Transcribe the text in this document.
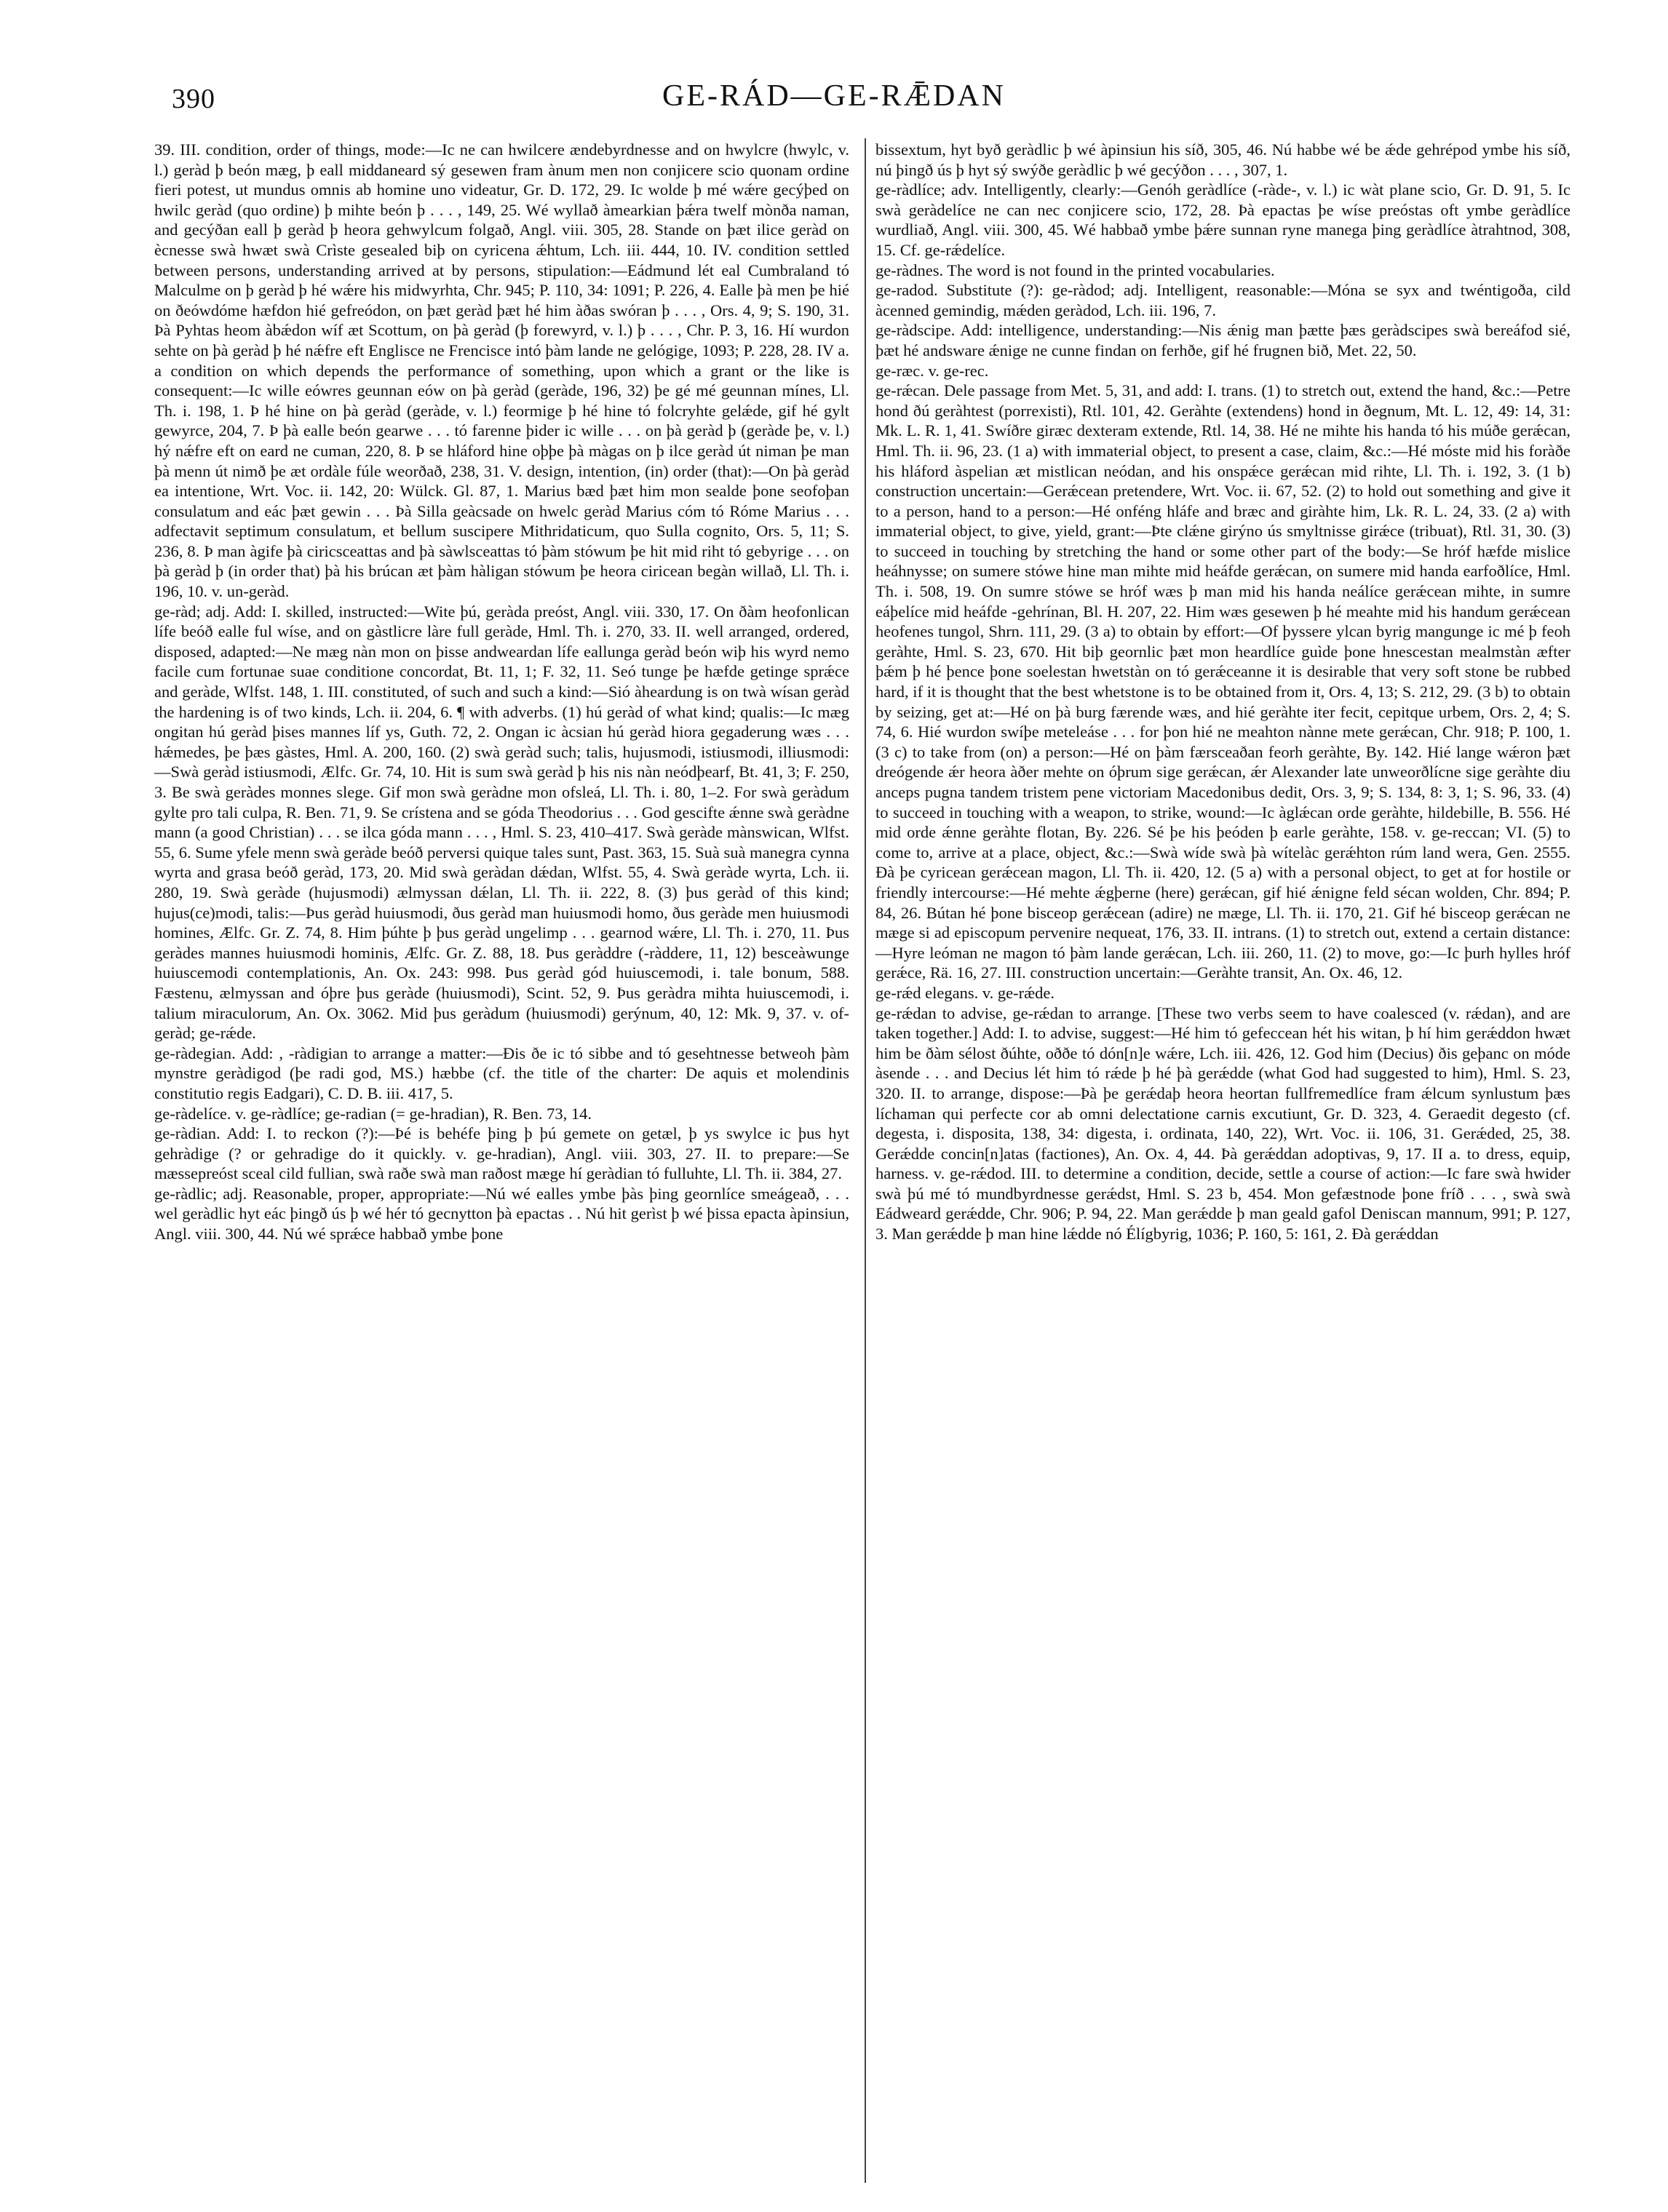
390	GE-RÁD—GE-RǢDAN

39. III. condition, order of things, mode:—Ic ne can hwilcere ændebyrdnesse and on hwylcre (hwylc, v. l.) geràd þ beón mæg, þ eall middaneard sý gesewen fram ànum men non conjicere scio quonam ordine fieri potest, ut mundus omnis ab homine uno videatur, Gr. D. 172, 29. Ic wolde þ mé wǽre gecýþed on hwilc geràd (quo ordine) þ mihte beón þ . . . , 149, 25. Wé wyllað àmearkian þǽra twelf mònða naman, and gecýðan eall þ geràd þ heora gehwylcum folgað, Angl. viii. 305, 28. Stande on þæt ilice geràd on ècnesse swà hwæt swà Crìste gesealed biþ on cyricena ǽhtum, Lch. iii. 444, 10. IV. condition settled between persons, understanding arrived at by persons, stipulation:—Eádmund lét eal Cumbraland tó Malculme on þ geràd þ hé wǽre his midwyrhta, Chr. 945; P. 110, 34: 1091; P. 226, 4. Ealle þà men þe hié on ðeówdóme hæfdon hié gefreódon, on þæt geràd þæt hé him àðas swóran þ . . . , Ors. 4, 9; S. 190, 31. Þà Pyhtas heom àbǽdon wíf æt Scottum, on þà geràd (þ forewyrd, v. l.) þ . . . , Chr. P. 3, 16. Hí wurdon sehte on þà geràd þ hé nǽfre eft Englisce ne Frencisce intó þàm lande ne gelógige, 1093; P. 228, 28. IV a. a condition on which depends the performance of something, upon which a grant or the like is consequent:—Ic wille eówres geunnan eów on þà geràd (geràde, 196, 32) þe gé mé geunnan mínes, Ll. Th. i. 198, 1. Þ hé hine on þà geràd (geràde, v. l.) feormige þ hé hine tó folcryhte gelǽde, gif hé gylt gewyrce, 204, 7. Þ þà ealle beón gearwe . . . tó farenne þider ic wille . . . on þà geràd þ (geràde þe, v. l.) hý nǽfre eft on eard ne cuman, 220, 8. Þ se hláford hine oþþe þà màgas on þ ilce geràd út niman þe man þà menn út nimð þe æt ordàle fúle weorðað, 238, 31. V. design, intention, (in) order (that):—On þà geràd ea intentione, Wrt. Voc. ii. 142, 20: Wülck. Gl. 87, 1. Marius bæd þæt him mon sealde þone seofoþan consulatum and eác þæt gewin . . . Þà Silla geàcsade on hwelc geràd Marius cóm tó Róme Marius . . . adfectavit septimum consulatum, et bellum suscipere Mithridaticum, quo Sulla cognito, Ors. 5, 11; S. 236, 8. Þ man àgife þà ciricsceattas and þà sàwlsceattas tó þàm stówum þe hit mid riht tó gebyrige . . . on þà geràd þ (in order that) þà his brúcan æt þàm hàligan stówum þe heora ciricean begàn willað, Ll. Th. i. 196, 10. v. un-geràd.

ge-ràd; adj. Add: I. skilled, instructed:—Wite þú, geràda preóst, Angl. viii. 330, 17. On ðàm heofonlican lífe beóð ealle ful wíse, and on gàstlicre làre full geràde, Hml. Th. i. 270, 33. II. well arranged, ordered, disposed, adapted:—Ne mæg nàn mon on þisse andweardan lífe eallunga geràd beón wiþ his wyrd nemo facile cum fortunae suae conditione concordat, Bt. 11, 1; F. 32, 11. Seó tunge þe hæfde getinge sprǽce and geràde, Wlfst. 148, 1. III. constituted, of such and such a kind:—Sió àheardung is on twà wísan geràd the hardening is of two kinds, Lch. ii. 204, 6. ¶ with adverbs. (1) hú geràd of what kind; qualis:—Ic mæg ongitan hú geràd þises mannes líf ys, Guth. 72, 2. Ongan ic àcsian hú geràd hiora gegaderung wæs . . . hǽmedes, þe þæs gàstes, Hml. A. 200, 160. (2) swà geràd such; talis, hujusmodi, istiusmodi, illiusmodi:—Swà geràd istiusmodi, Ælfc. Gr. 74, 10. Hit is sum swà geràd þ his nis nàn neódþearf, Bt. 41, 3; F. 250, 3. Be swà geràdes monnes slege. Gif mon swà geràdne mon ofsleá, Ll. Th. i. 80, 1–2. For swà geràdum gylte pro tali culpa, R. Ben. 71, 9. Se crístena and se góda Theodorius . . . God gescifte ǽnne swà geràdne mann (a good Christian) . . . se ilca góda mann . . . , Hml. S. 23, 410–417. Swà geràde mànswican, Wlfst. 55, 6. Sume yfele menn swà geràde beóð perversi quique tales sunt, Past. 363, 15. Suà suà manegra cynna wyrta and grasa beóð geràd, 173, 20. Mid swà geràdan dǽdan, Wlfst. 55, 4. Swà geràde wyrta, Lch. ii. 280, 19. Swà geràde (hujusmodi) ælmyssan dǽlan, Ll. Th. ii. 222, 8. (3) þus geràd of this kind; hujus(ce)modi, talis:—Þus geràd huiusmodi, ðus geràd man huiusmodi homo, ðus geràde men huiusmodi homines, Ælfc. Gr. Z. 74, 8. Him þúhte þ þus geràd ungelimp . . . gearnod wǽre, Ll. Th. i. 270, 11. Þus geràdes mannes huiusmodi hominis, Ælfc. Gr. Z. 88, 18. Þus geràddre (-ràddere, 11, 12) besceàwunge huiuscemodi contemplationis, An. Ox. 243: 998. Þus geràd gód huiuscemodi, i. tale bonum, 588. Fæstenu, ælmyssan and óþre þus geràde (huiusmodi), Scint. 52, 9. Þus geràdra mihta huiuscemodi, i. talium miraculorum, An. Ox. 3062. Mid þus geràdum (huiusmodi) gerýnum, 40, 12: Mk. 9, 37. v. of-geràd; ge-rǽde.

ge-ràdegian. Add: , -ràdigian to arrange a matter:—Ðis ðe ic tó sibbe and tó gesehtnesse betweoh þàm mynstre geràdigod (þe radi god, MS.) hæbbe (cf. the title of the charter: De aquis et molendinis constitutio regis Eadgari), C. D. B. iii. 417, 5.

ge-ràdelíce. v. ge-ràdlíce; ge-radian (= ge-hradian), R. Ben. 73, 14.

ge-ràdian. Add: I. to reckon (?):—Þé is behéfe þing þ þú gemete on getæl, þ ys swylce ic þus hyt gehràdige (? or gehradige do it quickly. v. ge-hradian), Angl. viii. 303, 27. II. to prepare:—Se mæssepreóst sceal cild fullian, swà raðe swà man raðost mæge hí geràdian tó fulluhte, Ll. Th. ii. 384, 27.

ge-ràdlic; adj. Reasonable, proper, appropriate:—Nú wé ealles ymbe þàs þing geornlíce smeágeað, . . . wel geràdlic hyt eác þingð ús þ wé hér tó gecnytton þà epactas . . Nú hit gerìst þ wé þissa epacta àpinsiun, Angl. viii. 300, 44. Nú wé sprǽce habbað ymbe þone

bissextum, hyt byð geràdlic þ wé àpinsiun his síð, 305, 46. Nú habbe wé be ǽde gehrépod ymbe his síð, nú þingð ús þ hyt sý swýðe geràdlic þ wé gecýðon . . . , 307, 1.

ge-ràdlíce; adv. Intelligently, clearly:—Genóh geràdlíce (-ràde-, v. l.) ic wàt plane scio, Gr. D. 91, 5. Ic swà geràdelíce ne can nec conjicere scio, 172, 28. Þà epactas þe wíse preóstas oft ymbe geràdlíce wurdliað, Angl. viii. 300, 45. Wé habbað ymbe þǽre sunnan ryne manega þing geràdlíce àtrahtnod, 308, 15. Cf. ge-rǽdelíce.

ge-ràdnes. The word is not found in the printed vocabularies.

ge-radod. Substitute (?): ge-ràdod; adj. Intelligent, reasonable:—Móna se syx and twéntigoða, cild àcenned gemindig, mǽden geràdod, Lch. iii. 196, 7.

ge-ràdscipe. Add: intelligence, understanding:—Nis ǽnig man þætte þæs geràdscipes swà bereáfod sié, þæt hé andsware ǽnige ne cunne findan on ferhðe, gif hé frugnen bið, Met. 22, 50.

ge-ræc. v. ge-rec.

ge-rǽcan. Dele passage from Met. 5, 31, and add: I. trans. (1) to stretch out, extend the hand, &c.:—Petre hond ðú geràhtest (porrexisti), Rtl. 101, 42. Geràhte (extendens) hond in ðegnum, Mt. L. 12, 49: 14, 31: Mk. L. R. 1, 41. Swíðre giræc dexteram extende, Rtl. 14, 38. Hé ne mihte his handa tó his múðe gerǽcan, Hml. Th. ii. 96, 23. (1 a) with immaterial object, to present a case, claim, &c.:—Hé móste mid his foràðe his hláford àspelian æt mistlican neódan, and his onspǽce gerǽcan mid rihte, Ll. Th. i. 192, 3. (1 b) construction uncertain:—Gerǽcean pretendere, Wrt. Voc. ii. 67, 52. (2) to hold out something and give it to a person, hand to a person:—Hé onféng hláfe and bræc and giràhte him, Lk. R. L. 24, 33. (2 a) with immaterial object, to give, yield, grant:—Þte clǽne girýno ús smyltnisse girǽce (tribuat), Rtl. 31, 30. (3) to succeed in touching by stretching the hand or some other part of the body:—Se hróf hæfde mislice heáhnysse; on sumere stówe hine man mihte mid heáfde gerǽcan, on sumere mid handa earfoðlíce, Hml. Th. i. 508, 19. On sumre stówe se hróf wæs þ man mid his handa neálíce gerǽcean mihte, in sumre eáþelíce mid heáfde -gehrínan, Bl. H. 207, 22. Him wæs gesewen þ hé meahte mid his handum gerǽcean heofenes tungol, Shrn. 111, 29. (3 a) to obtain by effort:—Of þyssere ylcan byrig mangunge ic mé þ feoh geràhte, Hml. S. 23, 670. Hit biþ geornlic þæt mon heardlíce guìde þone hnescestan mealmstàn æfter þǽm þ hé þence þone soelestan hwetstàn on tó gerǽceanne it is desirable that very soft stone be rubbed hard, if it is thought that the best whetstone is to be obtained from it, Ors. 4, 13; S. 212, 29. (3 b) to obtain by seizing, get at:—Hé on þà burg færende wæs, and hié geràhte iter fecit, cepitque urbem, Ors. 2, 4; S. 74, 6. Hié wurdon swíþe meteleáse . . . for þon hié ne meahton nànne mete gerǽcan, Chr. 918; P. 100, 1. (3 c) to take from (on) a person:—Hé on þàm færsceaðan feorh geràhte, By. 142. Hié lange wǽron þæt dreógende ǽr heora àðer mehte on óþrum sige gerǽcan, ǽr Alexander late unweorðlícne sige geràhte diu anceps pugna tandem tristem pene victoriam Macedonibus dedit, Ors. 3, 9; S. 134, 8: 3, 1; S. 96, 33. (4) to succeed in touching with a weapon, to strike, wound:—Ic àglǽcan orde geràhte, hildebille, B. 556. Hé mid orde ǽnne geràhte flotan, By. 226. Sé þe his þeóden þ earle geràhte, 158. v. ge-reccan; VI. (5) to come to, arrive at a place, object, &c.:—Swà wíde swà þà wítelàc gerǽhton rúm land wera, Gen. 2555. Ðà þe cyricean gerǽcean magon, Ll. Th. ii. 420, 12. (5 a) with a personal object, to get at for hostile or friendly intercourse:—Hé mehte ǽgþerne (here) gerǽcan, gif hié ǽnigne feld sécan wolden, Chr. 894; P. 84, 26. Bútan hé þone bisceop gerǽcean (adire) ne mæge, Ll. Th. ii. 170, 21. Gif hé bisceop gerǽcan ne mæge si ad episcopum pervenire nequeat, 176, 33. II. intrans. (1) to stretch out, extend a certain distance:—Hyre leóman ne magon tó þàm lande gerǽcan, Lch. iii. 260, 11. (2) to move, go:—Ic þurh hylles hróf gerǽce, Rä. 16, 27. III. construction uncertain:—Geràhte transit, An. Ox. 46, 12.

ge-rǽd elegans. v. ge-rǽde.

ge-rǽdan to advise, ge-rǽdan to arrange. [These two verbs seem to have coalesced (v. rǽdan), and are taken together.] Add: I. to advise, suggest:—Hé him tó gefeccean hét his witan, þ hí him gerǽddon hwæt him be ðàm sélost ðúhte, oððe tó dón[n]e wǽre, Lch. iii. 426, 12. God him (Decius) ðis geþanc on móde àsende . . . and Decius lét him tó rǽde þ hé þà gerǽdde (what God had suggested to him), Hml. S. 23, 320. II. to arrange, dispose:—Þà þe gerǽdaþ heora heortan fullfremedlíce fram ǽlcum synlustum þæs líchaman qui perfecte cor ab omni delectatione carnis excutiunt, Gr. D. 323, 4. Geraedit degesto (cf. degesta, i. disposita, 138, 34: digesta, i. ordinata, 140, 22), Wrt. Voc. ii. 106, 31. Gerǽded, 25, 38. Gerǽdde concin[n]atas (factiones), An. Ox. 4, 44. Þà gerǽddan adoptivas, 9, 17. II a. to dress, equip, harness. v. ge-rǽdod. III. to determine a condition, decide, settle a course of action:—Ic fare swà hwider swà þú mé tó mundbyrdnesse gerǽdst, Hml. S. 23 b, 454. Mon gefæstnode þone fríð . . . , swà swà Eádweard gerǽdde, Chr. 906; P. 94, 22. Man gerǽdde þ man geald gafol Deniscan mannum, 991; P. 127, 3. Man gerǽdde þ man hine lǽdde nó Élígbyrig, 1036; P. 160, 5: 161, 2. Ðà gerǽddan
